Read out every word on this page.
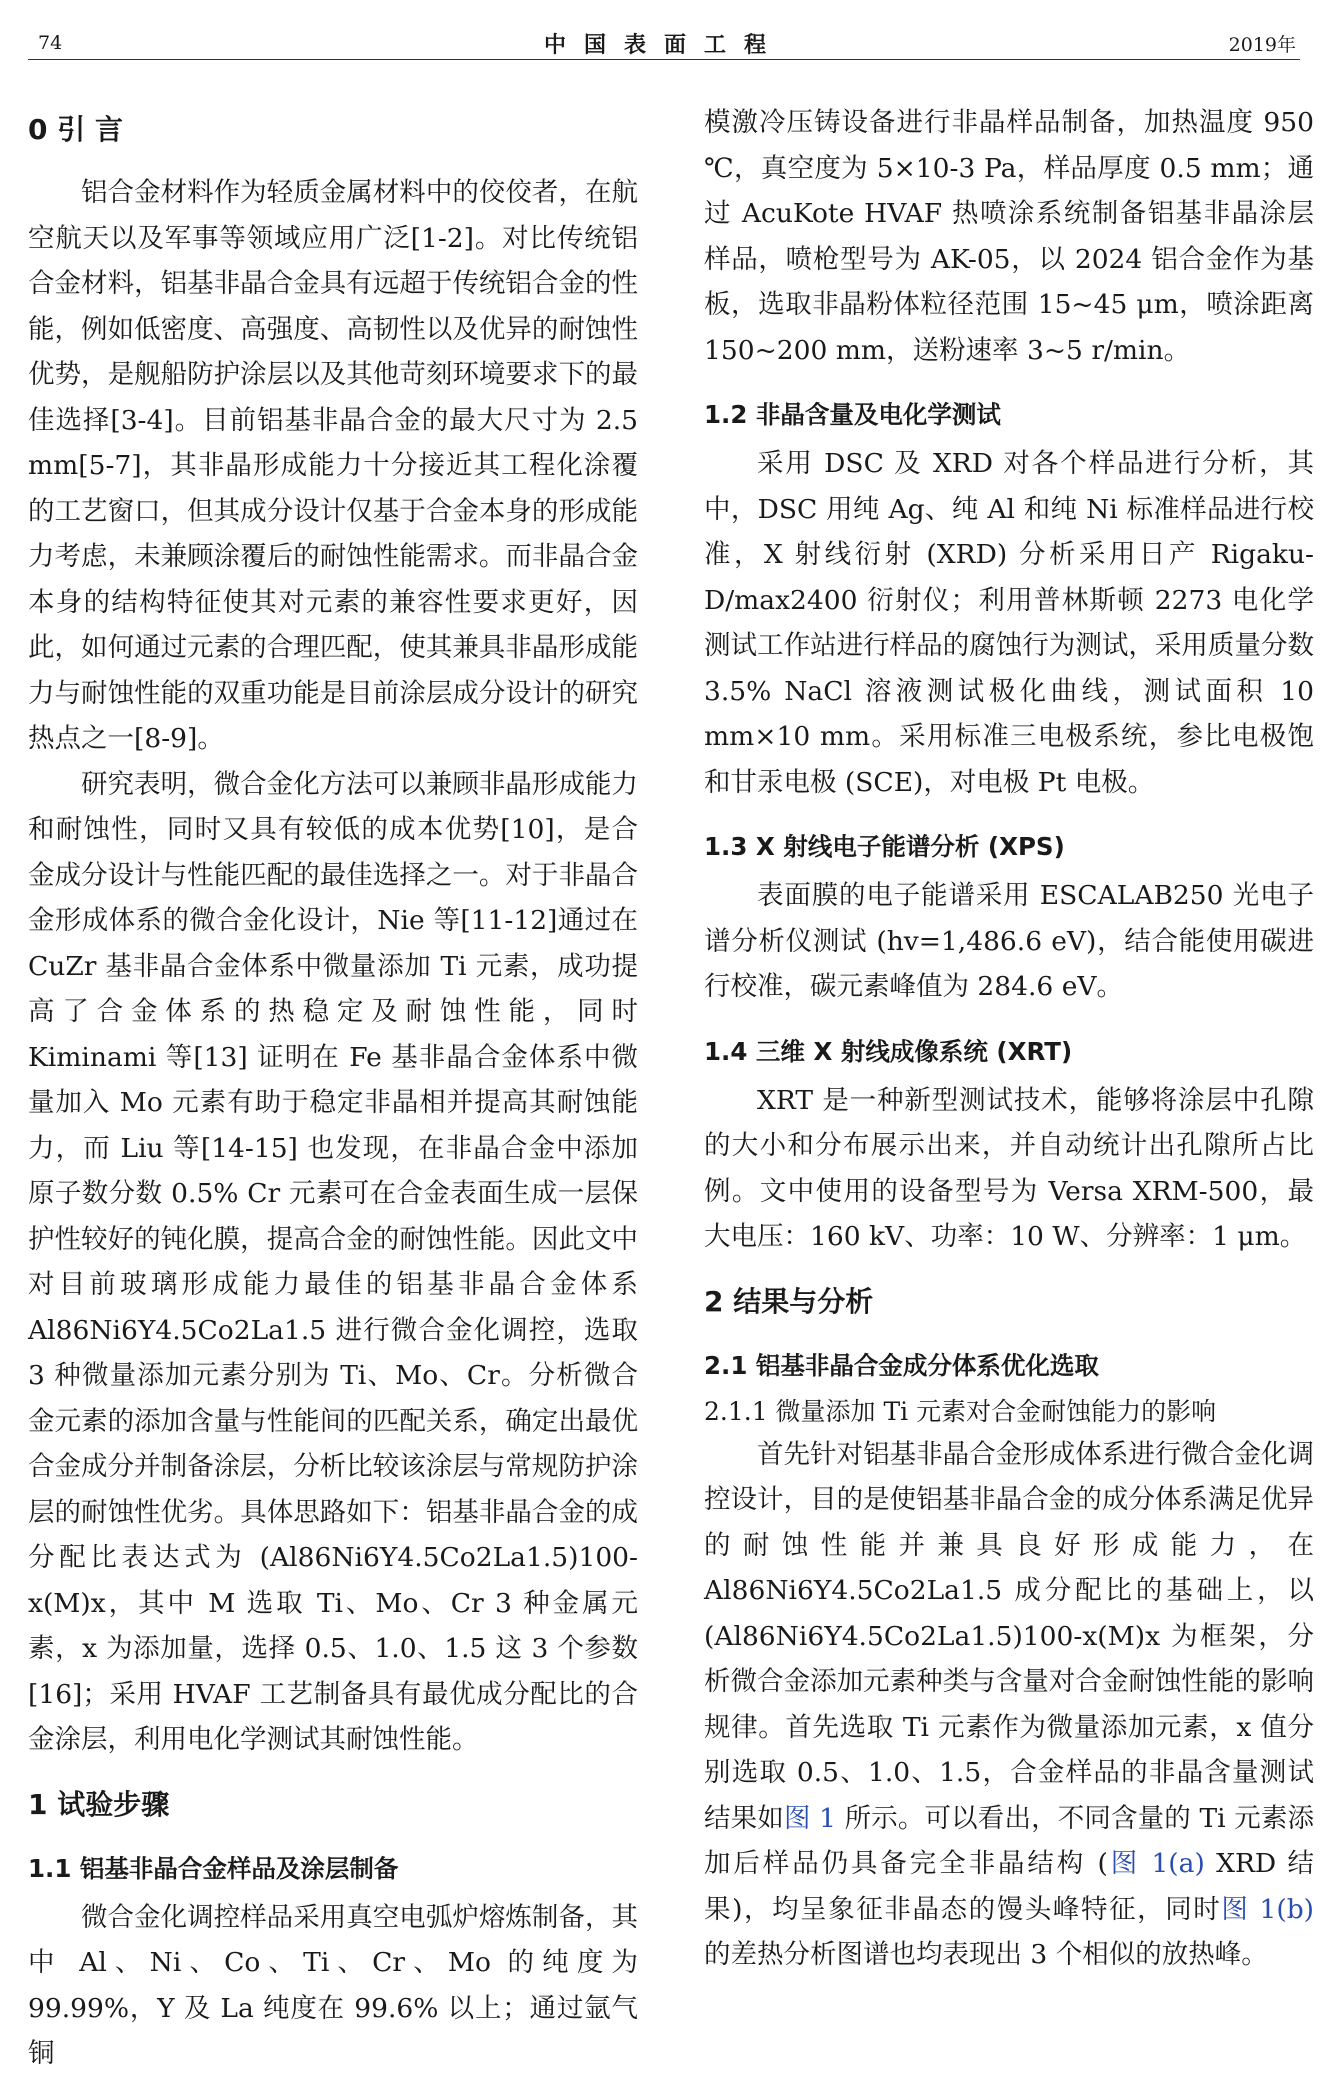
74	中国表面工程	2019年
0 引 言

铝合金材料作为轻质金属材料中的佼佼者，在航空航天以及军事等领域应用广泛[1-2]。对比传统铝合金材料，铝基非晶合金具有远超于传统铝合金的性能，例如低密度、高强度、高韧性以及优异的耐蚀性优势，是舰船防护涂层以及其他苛刻环境要求下的最佳选择[3-4]。目前铝基非晶合金的最大尺寸为 2.5 mm[5-7]，其非晶形成能力十分接近其工程化涂覆的工艺窗口，但其成分设计仅基于合金本身的形成能力考虑，未兼顾涂覆后的耐蚀性能需求。而非晶合金本身的结构特征使其对元素的兼容性要求更好，因此，如何通过元素的合理匹配，使其兼具非晶形成能力与耐蚀性能的双重功能是目前涂层成分设计的研究热点之一[8-9]。

研究表明，微合金化方法可以兼顾非晶形成能力和耐蚀性，同时又具有较低的成本优势[10]，是合金成分设计与性能匹配的最佳选择之一。对于非晶合金形成体系的微合金化设计，Nie 等[11-12]通过在 CuZr 基非晶合金体系中微量添加 Ti 元素，成功提高了合金体系的热稳定及耐蚀性能，同时 Kiminami 等[13] 证明在 Fe 基非晶合金体系中微量加入 Mo 元素有助于稳定非晶相并提高其耐蚀能力，而 Liu 等[14-15] 也发现，在非晶合金中添加原子数分数 0.5% Cr 元素可在合金表面生成一层保护性较好的钝化膜，提高合金的耐蚀性能。因此文中对目前玻璃形成能力最佳的铝基非晶合金体系 Al86Ni6Y4.5Co2La1.5 进行微合金化调控，选取 3 种微量添加元素分别为 Ti、Mo、Cr。分析微合金元素的添加含量与性能间的匹配关系，确定出最优合金成分并制备涂层，分析比较该涂层与常规防护涂层的耐蚀性优劣。具体思路如下：铝基非晶合金的成分配比表达式为 (Al86Ni6Y4.5Co2La1.5)100-x(M)x，其中 M 选取 Ti、Mo、Cr 3 种金属元素，x 为添加量，选择 0.5、1.0、1.5 这 3 个参数[16]；采用 HVAF 工艺制备具有最优成分配比的合金涂层，利用电化学测试其耐蚀性能。

1 试验步骤
1.1 铝基非晶合金样品及涂层制备

微合金化调控样品采用真空电弧炉熔炼制备，其中 Al、Ni、Co、Ti、Cr、Mo 的纯度为 99.99%，Y 及 La 纯度在 99.6% 以上；通过氩气铜

模激冷压铸设备进行非晶样品制备，加热温度 950 ℃，真空度为 5×10-3 Pa，样品厚度 0.5 mm；通过 AcuKote HVAF 热喷涂系统制备铝基非晶涂层样品，喷枪型号为 AK-05，以 2024 铝合金作为基板，选取非晶粉体粒径范围 15~45 μm，喷涂距离 150~200 mm，送粉速率 3~5 r/min。

1.2 非晶含量及电化学测试

采用 DSC 及 XRD 对各个样品进行分析，其中，DSC 用纯 Ag、纯 Al 和纯 Ni 标准样品进行校准，X 射线衍射 (XRD) 分析采用日产 Rigaku-D/max2400 衍射仪；利用普林斯顿 2273 电化学测试工作站进行样品的腐蚀行为测试，采用质量分数 3.5% NaCl 溶液测试极化曲线，测试面积 10 mm×10 mm。采用标准三电极系统，参比电极饱和甘汞电极 (SCE)，对电极 Pt 电极。

1.3 X 射线电子能谱分析 (XPS)

表面膜的电子能谱采用 ESCALAB250 光电子谱分析仪测试 (hv=1,486.6 eV)，结合能使用碳进行校准，碳元素峰值为 284.6 eV。

1.4 三维 X 射线成像系统 (XRT)

XRT 是一种新型测试技术，能够将涂层中孔隙的大小和分布展示出来，并自动统计出孔隙所占比例。文中使用的设备型号为 Versa XRM-500，最大电压：160 kV、功率：10 W、分辨率：1 μm。

2 结果与分析
2.1 铝基非晶合金成分体系优化选取
2.1.1 微量添加 Ti 元素对合金耐蚀能力的影响

首先针对铝基非晶合金形成体系进行微合金化调控设计，目的是使铝基非晶合金的成分体系满足优异的耐蚀性能并兼具良好形成能力，在 Al86Ni6Y4.5Co2La1.5 成分配比的基础上，以 (Al86Ni6Y4.5Co2La1.5)100-x(M)x 为框架，分析微合金添加元素种类与含量对合金耐蚀性能的影响规律。首先选取 Ti 元素作为微量添加元素，x 值分别选取 0.5、1.0、1.5，合金样品的非晶含量测试结果如图 1 所示。可以看出，不同含量的 Ti 元素添加后样品仍具备完全非晶结构 (图 1(a) XRD 结果)，均呈象征非晶态的馒头峰特征，同时图 1(b) 的差热分析图谱也均表现出 3 个相似的放热峰。
